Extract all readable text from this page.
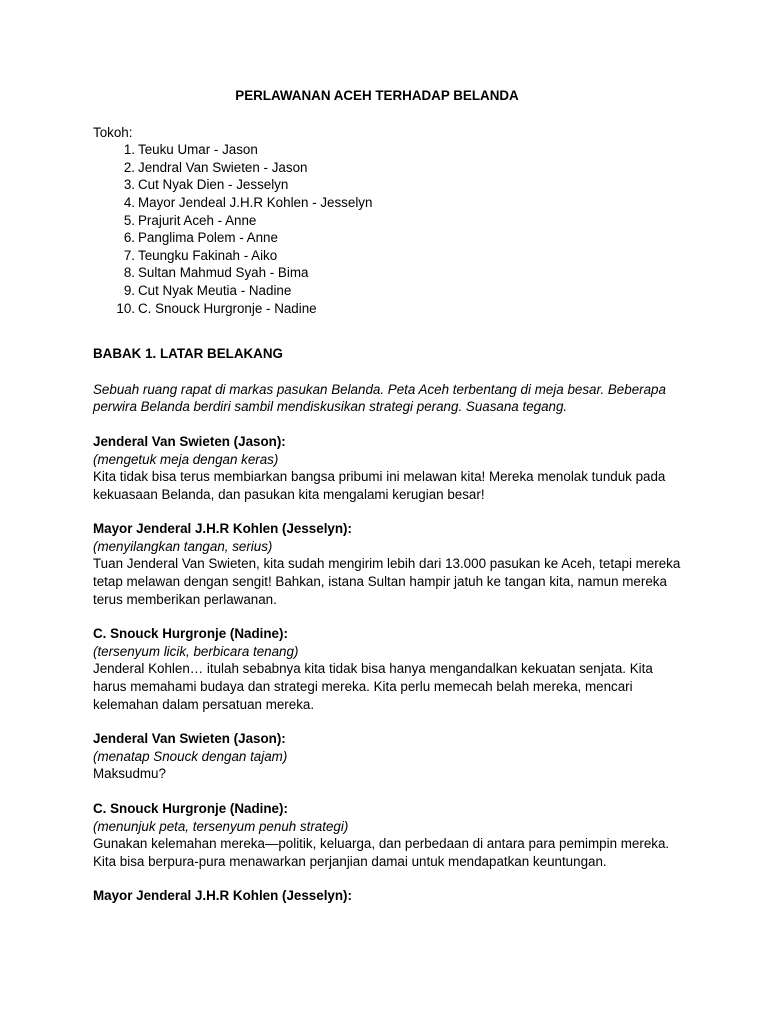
PERLAWANAN ACEH TERHADAP BELANDA

Tokoh:

1. Teuku Umar - Jason
2. Jendral Van Swieten - Jason
3. Cut Nyak Dien - Jesselyn
4. Mayor Jendeal J.H.R Kohlen - Jesselyn
5. Prajurit Aceh - Anne
6. Panglima Polem - Anne
7. Teungku Fakinah - Aiko
8. Sultan Mahmud Syah - Bima
9. Cut Nyak Meutia - Nadine
10. C. Snouck Hurgronje - Nadine

BABAK 1. LATAR BELAKANG

Sebuah ruang rapat di markas pasukan Belanda. Peta Aceh terbentang di meja besar. Beberapa perwira Belanda berdiri sambil mendiskusikan strategi perang. Suasana tegang.

Jenderal Van Swieten (Jason):

(mengetuk meja dengan keras)

Kita tidak bisa terus membiarkan bangsa pribumi ini melawan kita! Mereka menolak tunduk pada kekuasaan Belanda, dan pasukan kita mengalami kerugian besar!

Mayor Jenderal J.H.R Kohlen (Jesselyn):

(menyilangkan tangan, serius)

Tuan Jenderal Van Swieten, kita sudah mengirim lebih dari 13.000 pasukan ke Aceh, tetapi mereka tetap melawan dengan sengit! Bahkan, istana Sultan hampir jatuh ke tangan kita, namun mereka terus memberikan perlawanan.

C. Snouck Hurgronje (Nadine):

(tersenyum licik, berbicara tenang)

Jenderal Kohlen… itulah sebabnya kita tidak bisa hanya mengandalkan kekuatan senjata. Kita harus memahami budaya dan strategi mereka. Kita perlu memecah belah mereka, mencari kelemahan dalam persatuan mereka.

Jenderal Van Swieten (Jason):

(menatap Snouck dengan tajam)

Maksudmu?

C. Snouck Hurgronje (Nadine):

(menunjuk peta, tersenyum penuh strategi)

Gunakan kelemahan mereka—politik, keluarga, dan perbedaan di antara para pemimpin mereka. Kita bisa berpura-pura menawarkan perjanjian damai untuk mendapatkan keuntungan.

Mayor Jenderal J.H.R Kohlen (Jesselyn):
